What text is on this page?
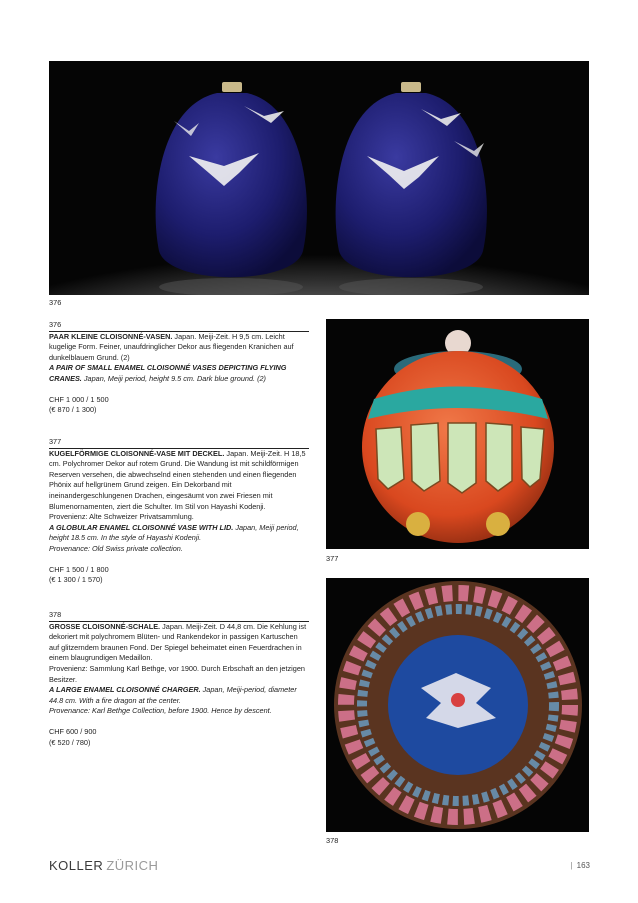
376
377
378
376

PAAR KLEINE CLOISONNÉ-VASEN. Japan. Meiji-Zeit. H 9,5 cm. Leicht kugelige Form. Feiner, unaufdringlicher Dekor aus fliegenden Kranichen auf dunkelblauem Grund. (2)

A PAIR OF SMALL ENAMEL CLOISONNÉ VASES DEPICTING FLYING CRANES. Japan, Meiji period, height 9.5 cm. Dark blue ground. (2)

CHF 1 000 / 1 500
(€ 870 / 1 300)
377

KUGELFÖRMIGE CLOISONNÉ-VASE MIT DECKEL. Japan. Meiji-Zeit. H 18,5 cm. Polychromer Dekor auf rotem Grund. Die Wandung ist mit schildförmigen Reserven versehen, die abwechselnd einen stehenden und einen fliegenden Phönix auf hellgrünem Grund zeigen. Ein Dekorband mit ineinandergeschlungenen Drachen, eingesäumt von zwei Friesen mit Blumenornamenten, ziert die Schulter. Im Stil von Hayashi Kodenji.

Provenienz: Alte Schweizer Privatsammlung.

A GLOBULAR ENAMEL CLOISONNÉ VASE WITH LID. Japan, Meiji period, height 18.5 cm. In the style of Hayashi Kodenji.

Provenance: Old Swiss private collection.

CHF 1 500 / 1 800
(€ 1 300 / 1 570)
378

GROSSE CLOISONNÉ-SCHALE. Japan. Meiji-Zeit. D 44,8 cm. Die Kehlung ist dekoriert mit polychromem Blüten- und Rankendekor in passigen Kartuschen auf glitzerndem braunen Fond. Der Spiegel beheimatet einen Feuerdrachen in einem blaugrundigen Medaillon.

Provenienz: Sammlung Karl Bethge, vor 1900. Durch Erbschaft an den jetzigen Besitzer.

A LARGE ENAMEL CLOISONNÉ CHARGER. Japan, Meiji-period, diameter 44.8 cm. With a fire dragon at the center.

Provenance: Karl Bethge Collection, before 1900. Hence by descent.

CHF 600 / 900
(€ 520 / 780)
KOLLER ZÜRICH	| 163
